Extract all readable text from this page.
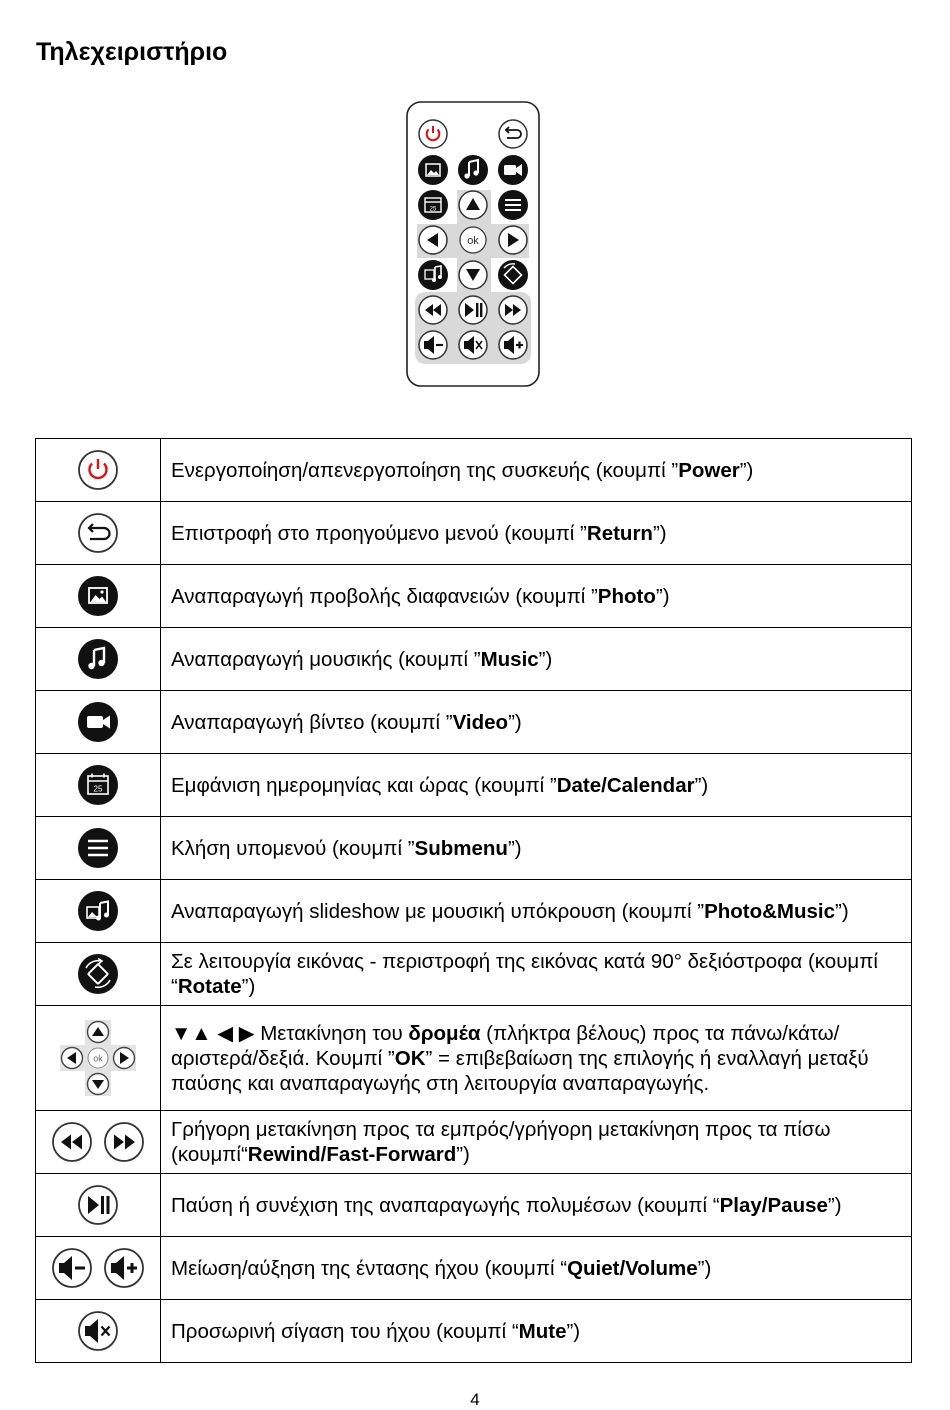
Τηλεχειριστήριο
25
ok
	Ενεργοποίηση/απενεργοποίηση της συσκευής (κουμπί ”Power”)
	Επιστροφή στο προηγούμενο μενού (κουμπί ”Return”)
	Αναπαραγωγή προβολής διαφανειών (κουμπί ”Photo”)
	Αναπαραγωγή μουσικής (κουμπί ”Music”)
	Αναπαραγωγή βίντεο (κουμπί ”Video”)

25	Εμφάνιση ημερομηνίας και ώρας (κουμπί ”Date/Calendar”)
	Κλήση υπομενού (κουμπί ”Submenu”)
	Αναπαραγωγή slideshow με μουσική υπόκρουση (κουμπί ”Photo&Music”)
	Σε λειτουργία εικόνας - περιστροφή της εικόνας κατά 90° δεξιόστροφα (κουμπί “Rotate”)

ok	▼▲ ◀ ▶ Μετακίνηση του δρομέα (πλήκτρα βέλους) προς τα πάνω/κάτω/αριστερά/δεξιά. Κουμπί ”OK” = επιβεβαίωση της επιλογής ή εναλλαγή μεταξύ παύσης και αναπαραγωγής στη λειτουργία αναπαραγωγής.
	Γρήγορη μετακίνηση προς τα εμπρός/γρήγορη μετακίνηση προς τα πίσω (κουμπί“Rewind/Fast-Forward”)
	Παύση ή συνέχιση της αναπαραγωγής πολυμέσων (κουμπί “Play/Pause”)
	Μείωση/αύξηση της έντασης ήχου (κουμπί “Quiet/Volume”)
	Προσωρινή σίγαση του ήχου (κουμπί “Mute”)
4
